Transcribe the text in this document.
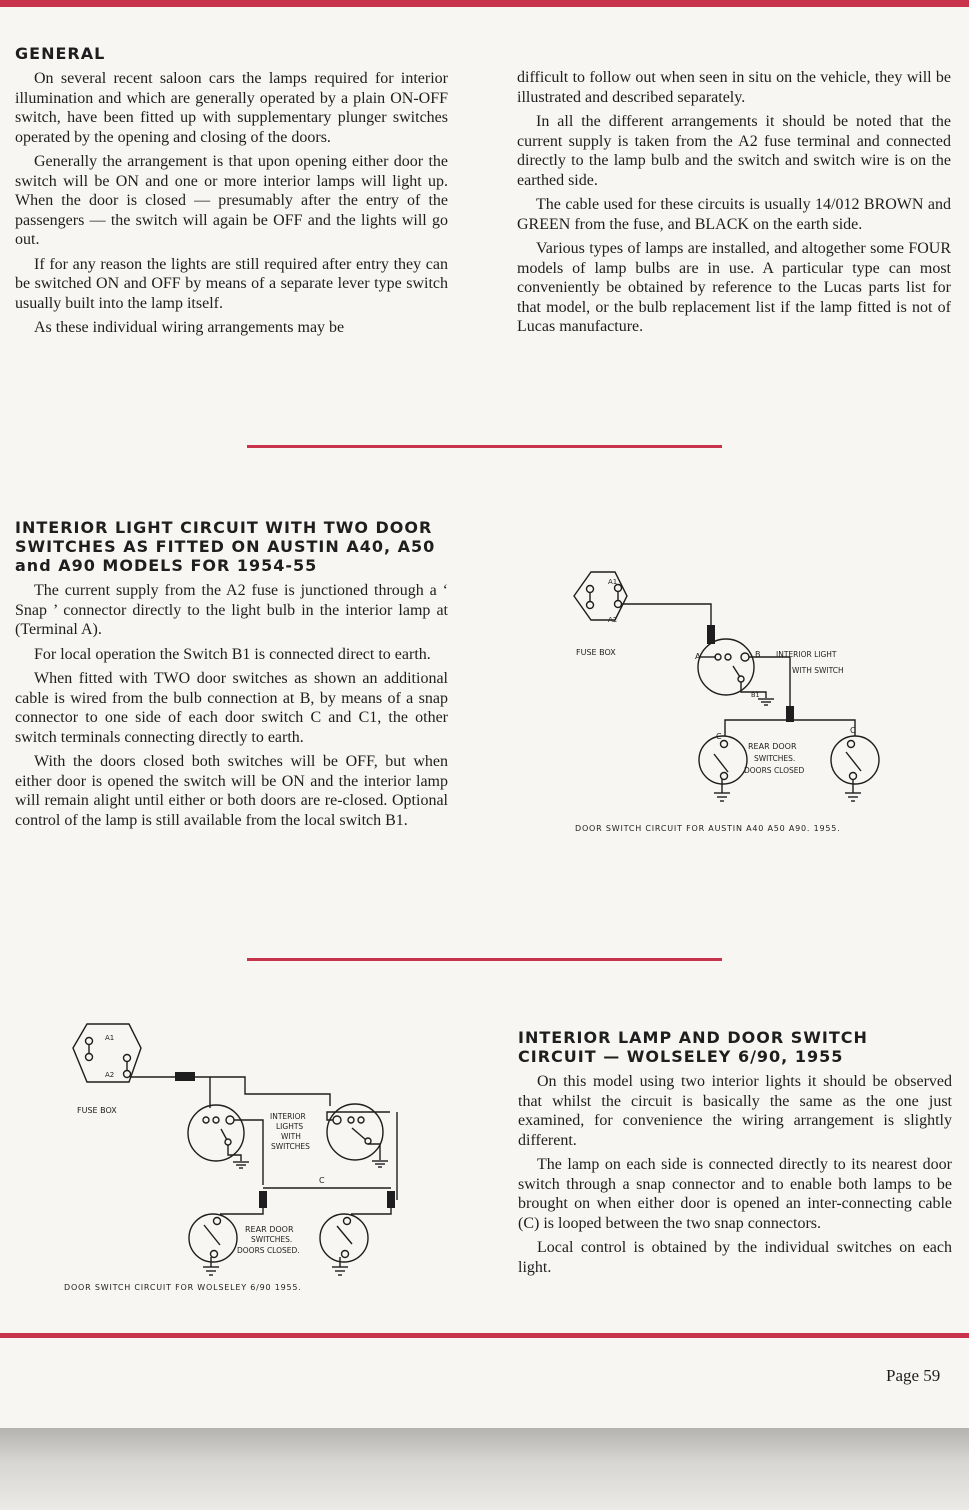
GENERAL

On several recent saloon cars the lamps required for interior illumination and which are generally operated by a plain ON-OFF switch, have been fitted up with supplementary plunger switches operated by the opening and closing of the doors.

Generally the arrangement is that upon opening either door the switch will be ON and one or more interior lamps will light up. When the door is closed — presumably after the entry of the passengers — the switch will again be OFF and the lights will go out.

If for any reason the lights are still required after entry they can be switched ON and OFF by means of a separate lever type switch usually built into the lamp itself.

As these individual wiring arrangements may be

difficult to follow out when seen in situ on the vehicle, they will be illustrated and described separately.

In all the different arrangements it should be noted that the current supply is taken from the A2 fuse terminal and connected directly to the lamp bulb and the switch and switch wire is on the earthed side.

The cable used for these circuits is usually 14/012 BROWN and GREEN from the fuse, and BLACK on the earth side.

Various types of lamps are installed, and altogether some FOUR models of lamp bulbs are in use. A particular type can most conveniently be obtained by reference to the Lucas parts list for that model, or the bulb replacement list if the lamp fitted is not of Lucas manufacture.

INTERIOR LIGHT CIRCUIT WITH TWO DOOR SWITCHES AS FITTED ON AUSTIN A40, A50 and A90 MODELS FOR 1954-55

The current supply from the A2 fuse is junctioned through a ‘ Snap ’ connector directly to the light bulb in the interior lamp at (Terminal A).

For local operation the Switch B1 is connected direct to earth.

When fitted with TWO door switches as shown an additional cable is wired from the bulb connection at B, by means of a snap connector to one side of each door switch C and C1, the other switch terminals connecting directly to earth.

With the doors closed both switches will be OFF, but when either door is opened the switch will be ON and the interior lamp will remain alight until either or both doors are re-closed. Optional control of the lamp is still available from the local switch B1.

A1
A2
FUSE BOX	A	B INTERIOR LIGHT
WITH SWITCH
B1
C
C
REAR DOOR
SWITCHES.
DOORS CLOSED
DOOR SWITCH CIRCUIT FOR AUSTIN A40 A50 A90. 1955.
A1
A2
FUSE BOX
INTERIOR
LIGHTS
WITH
SWITCHES
C
REAR DOOR
SWITCHES.
DOORS CLOSED.
DOOR SWITCH CIRCUIT FOR WOLSELEY 6/90 1955.
INTERIOR LAMP AND DOOR SWITCH CIRCUIT — WOLSELEY 6/90, 1955

On this model using two interior lights it should be observed that whilst the circuit is basically the same as the one just examined, for convenience the wiring arrangement is slightly different.

The lamp on each side is connected directly to its nearest door switch through a snap connector and to enable both lamps to be brought on when either door is opened an inter-connecting cable (C) is looped between the two snap connectors.

Local control is obtained by the individual switches on each light.

Page 59
